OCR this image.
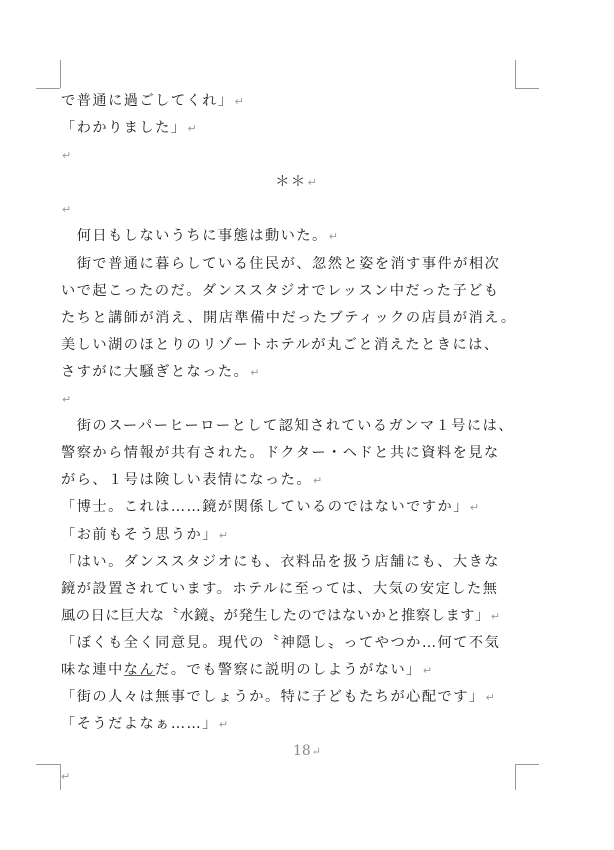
で普通に過ごしてくれ」↵
「わかりました」↵
↵
＊＊↵
↵
　何日もしないうちに事態は動いた。↵
　街で普通に暮らしている住民が、忽然と姿を消す事件が相次
いで起こったのだ。ダンススタジオでレッスン中だった子ども
たちと講師が消え、開店準備中だったブティックの店員が消え。
美しい湖のほとりのリゾートホテルが丸ごと消えたときには、
さすがに大騒ぎとなった。↵
↵
　街のスーパーヒーローとして認知されているガンマ１号には、
警察から情報が共有された。ドクター・ヘドと共に資料を見な
がら、１号は険しい表情になった。↵
「博士。これは……鏡が関係しているのではないですか」↵
「お前もそう思うか」↵
「はい。ダンススタジオにも、衣料品を扱う店舗にも、大きな
鏡が設置されています。ホテルに至っては、大気の安定した無
風の日に巨大な〝水鏡〟が発生したのではないかと推察します」↵
「ぼくも全く同意見。現代の〝神隠し〟ってやつか…何て不気
味な連中なんだ。でも警察に説明のしようがない」↵
「街の人々は無事でしょうか。特に子どもたちが心配です」↵
「そうだよなぁ……」↵
18↵
↵
